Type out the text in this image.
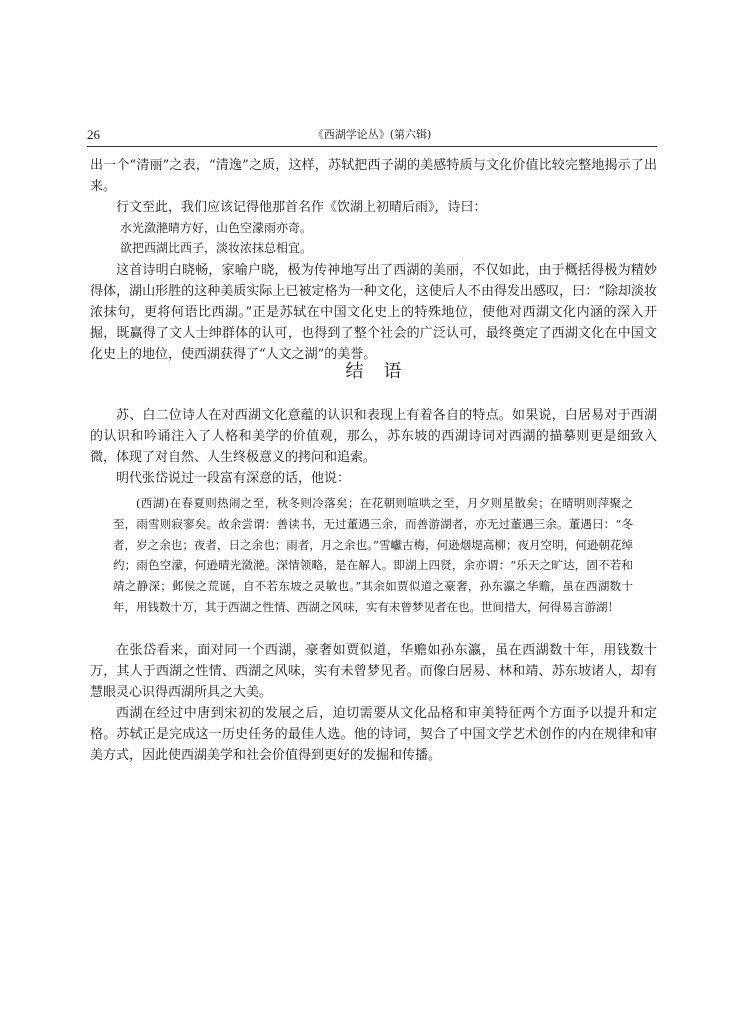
26	《西湖学论丛》(第六辑)

出一个“清丽”之表，“清逸”之质，这样，苏轼把西子湖的美感特质与文化价值比较完整地揭示了出来。

行文至此，我们应该记得他那首名作《饮湖上初晴后雨》，诗曰：

水光潋滟晴方好，山色空濛雨亦奇。
欲把西湖比西子，淡妆浓抹总相宜。

这首诗明白晓畅，家喻户晓，极为传神地写出了西湖的美丽，不仅如此，由于概括得极为精妙得体，湖山形胜的这种美质实际上已被定格为一种文化，这使后人不由得发出感叹，曰：“除却淡妆浓抹句，更将何语比西湖。”正是苏轼在中国文化史上的特殊地位，使他对西湖文化内涵的深入开掘，既赢得了文人士绅群体的认可，也得到了整个社会的广泛认可，最终奠定了西湖文化在中国文化史上的地位，使西湖获得了“人文之湖”的美誉。

结语

苏、白二位诗人在对西湖文化意蕴的认识和表现上有着各自的特点。如果说，白居易对于西湖的认识和吟诵注入了人格和美学的价值观，那么，苏东坡的西湖诗词对西湖的描摹则更是细致入微，体现了对自然、人生终极意义的拷问和追索。

明代张岱说过一段富有深意的话，他说：

(西湖)在春夏则热闹之至，秋冬则冷落矣；在花朝则喧哄之至，月夕则星散矣；在晴明则萍聚之至，雨雪则寂寥矣。故余尝谓：善读书，无过董遇三余，而善游湖者，亦无过董遇三余。董遇曰：“冬者，岁之余也；夜者，日之余也；雨者，月之余也。”雪巘古梅，何逊烟堤高柳；夜月空明，何逊朝花绰约；雨色空濛，何逊晴光潋滟。深情领略，是在解人。即湖上四贤，余亦谓：“乐天之旷达，固不若和靖之静深；邺侯之荒诞，自不若东坡之灵敏也。”其余如贾似道之豪奢，孙东瀛之华赡，虽在西湖数十年，用钱数十万，其于西湖之性情、西湖之风味，实有未曾梦见者在也。世间措大，何得易言游湖！

在张岱看来，面对同一个西湖，豪奢如贾似道，华赡如孙东瀛，虽在西湖数十年，用钱数十万，其人于西湖之性情、西湖之风味，实有未曾梦见者。而像白居易、林和靖、苏东坡诸人，却有慧眼灵心识得西湖所具之大美。

西湖在经过中唐到宋初的发展之后，迫切需要从文化品格和审美特征两个方面予以提升和定格。苏轼正是完成这一历史任务的最佳人选。他的诗词，契合了中国文学艺术创作的内在规律和审美方式，因此使西湖美学和社会价值得到更好的发掘和传播。
